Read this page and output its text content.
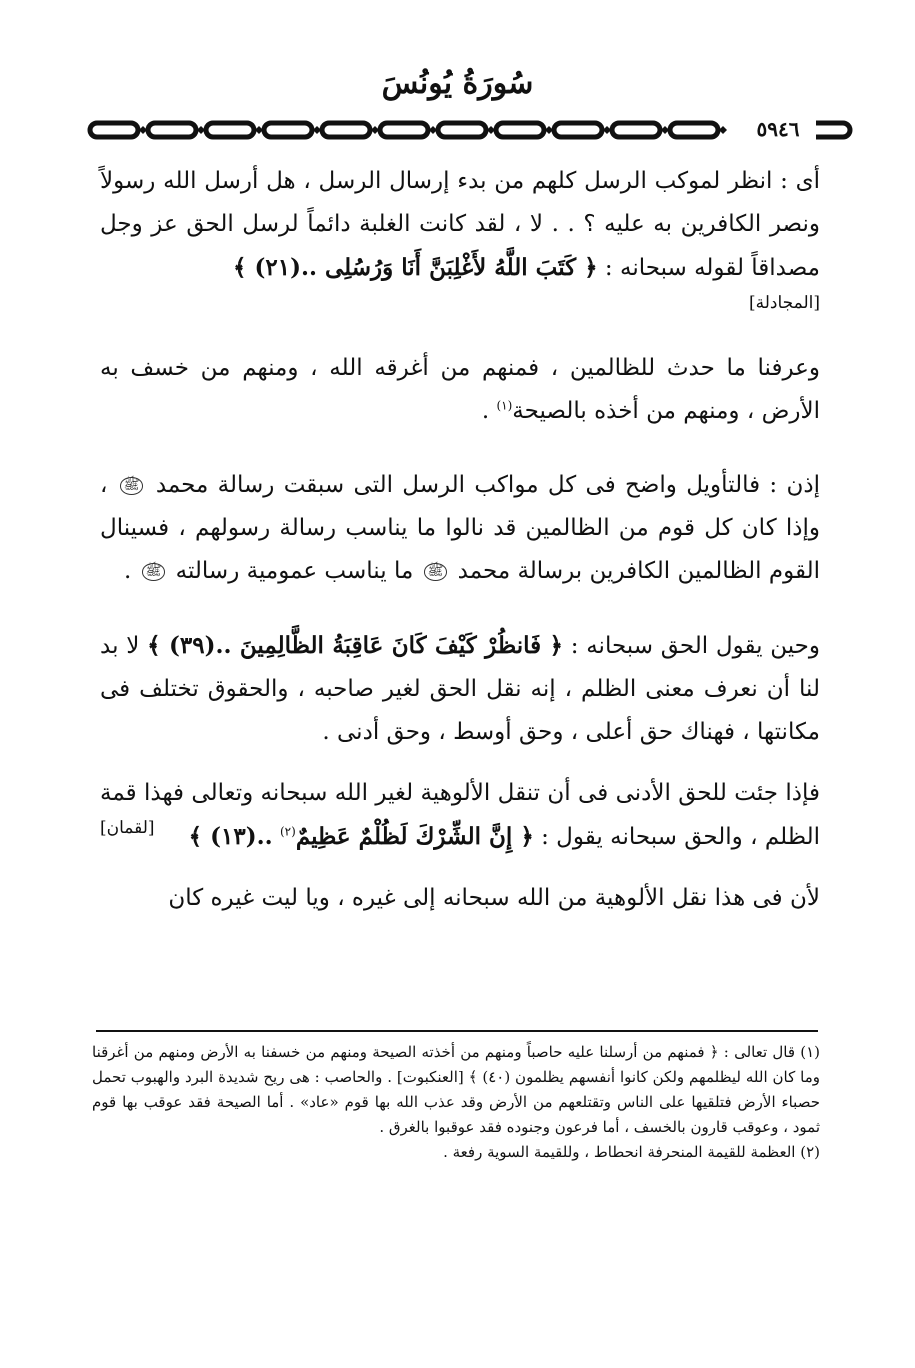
سُورَةُ يُونُسَ
٥٩٤٦

أى : انظر لموكب الرسل كلهم من بدء إرسال الرسل ، هل أرسل الله رسولاً ونصر الكافرين به عليه ؟ . . لا ، لقد كانت الغلبة دائماً لرسل الحق عز وجل مصداقاً لقوله سبحانه : ﴿ كَتَبَ اللَّهُ لأَغْلِبَنَّ أَنَا وَرُسُلِى ..(٢١) ﴾
[المجادلة]

وعرفنا ما حدث للظالمين ، فمنهم من أغرقه الله ، ومنهم من خسف به الأرض ، ومنهم من أخذه بالصيحة$^{(١)}$ .

إذن : فالتأويل واضح فى كل مواكب الرسل التى سبقت رسالة محمد ﷺ ، وإذا كان كل قوم من الظالمين قد نالوا ما يناسب رسالة رسولهم ، فسينال القوم الظالمين الكافرين برسالة محمد ﷺ ما يناسب عمومية رسالته ﷺ .

وحين يقول الحق سبحانه : ﴿ فَانظُرْ كَيْفَ كَانَ عَاقِبَةُ الظَّالِمِينَ ..(٣٩) ﴾ لا بد لنا أن نعرف معنى الظلم ، إنه نقل الحق لغير صاحبه ، والحقوق تختلف فى مكانتها ، فهناك حق أعلى ، وحق أوسط ، وحق أدنى .

فإذا جئت للحق الأدنى فى أن تنقل الألوهية لغير الله سبحانه وتعالى فهذا قمة الظلم ، والحق سبحانه يقول : ﴿ إِنَّ الشِّرْكَ لَظُلْمٌ عَظِيمٌ$^{(٢)}$ ..(١٣) ﴾
[لقمان]

لأن فى هذا نقل الألوهية من الله سبحانه إلى غيره ، ويا ليت غيره كان

(١) قال تعالى : ﴿ فمنهم من أرسلنا عليه حاصباً ومنهم من أخذته الصيحة ومنهم من خسفنا به الأرض ومنهم من أغرقنا وما كان الله ليظلمهم ولكن كانوا أنفسهم يظلمون (٤٠) ﴾ [العنكبوت] . والحاصب : هى ريح شديدة البرد والهبوب تحمل حصباء الأرض فتلقيها على الناس وتقتلعهم من الأرض وقد عذب الله بها قوم «عاد» . أما الصيحة فقد عوقب بها قوم ثمود ، وعوقب قارون بالخسف ، أما فرعون وجنوده فقد عوقبوا بالغرق .

(٢) العظمة للقيمة المنحرفة انحطاط ، وللقيمة السوية رفعة .
